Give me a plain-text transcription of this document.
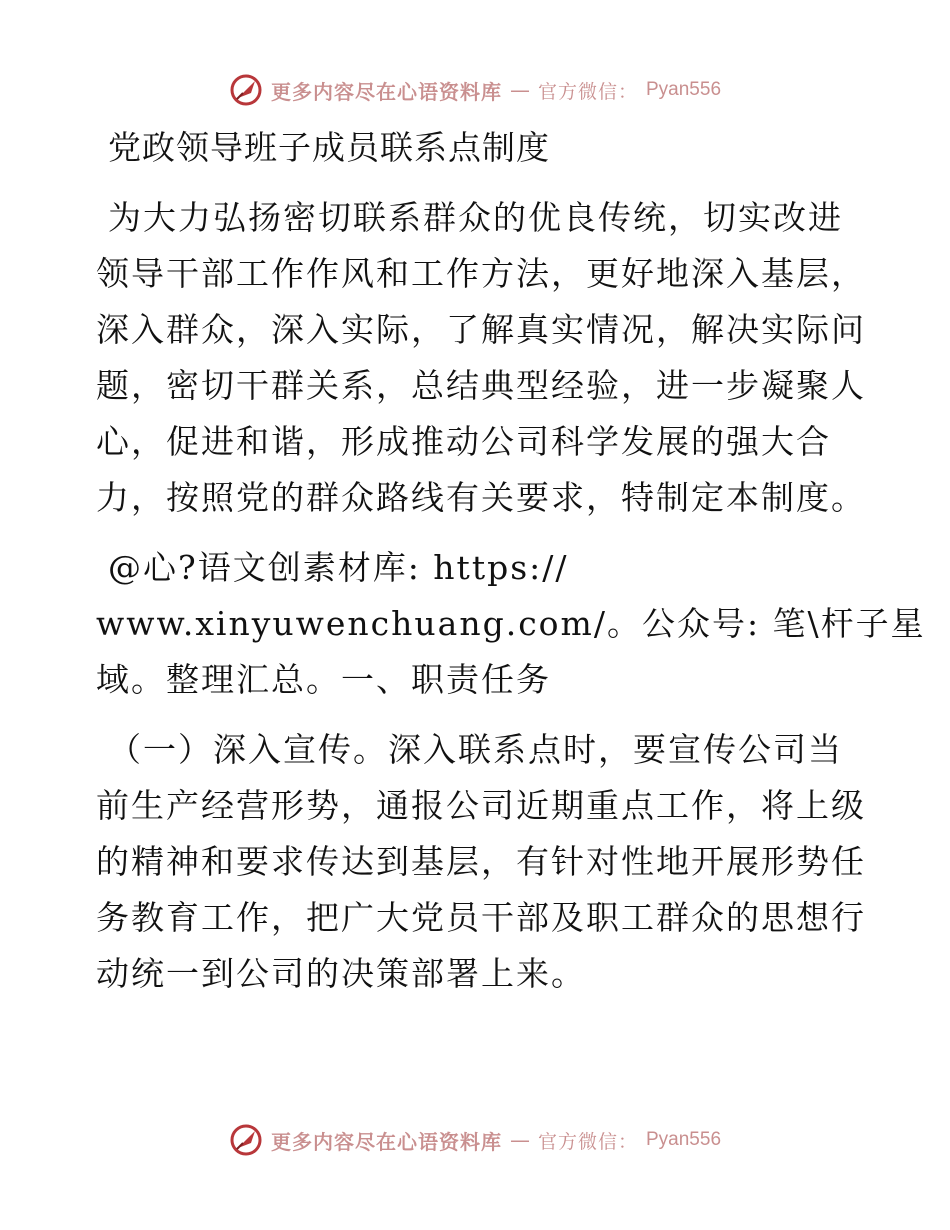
更多内容尽在心语资料库 — 官方微信： Pyan556
党政领导班子成员联系点制度

为大力弘扬密切联系群众的优良传统，切实改进
领导干部工作作风和工作方法，更好地深入基层，
深入群众，深入实际，了解真实情况，解决实际问
题，密切干群关系，总结典型经验，进一步凝聚人
心，促进和谐，形成推动公司科学发展的强大合
力，按照党的群众路线有关要求，特制定本制度。

@心?语文创素材库: https://
www.xinyuwenchuang.com/。公众号: 笔\杆子星
域。整理汇总。一、职责任务

（一）深入宣传。深入联系点时，要宣传公司当
前生产经营形势，通报公司近期重点工作，将上级
的精神和要求传达到基层，有针对性地开展形势任
务教育工作，把广大党员干部及职工群众的思想行
动统一到公司的决策部署上来。

更多内容尽在心语资料库 — 官方微信： Pyan556
